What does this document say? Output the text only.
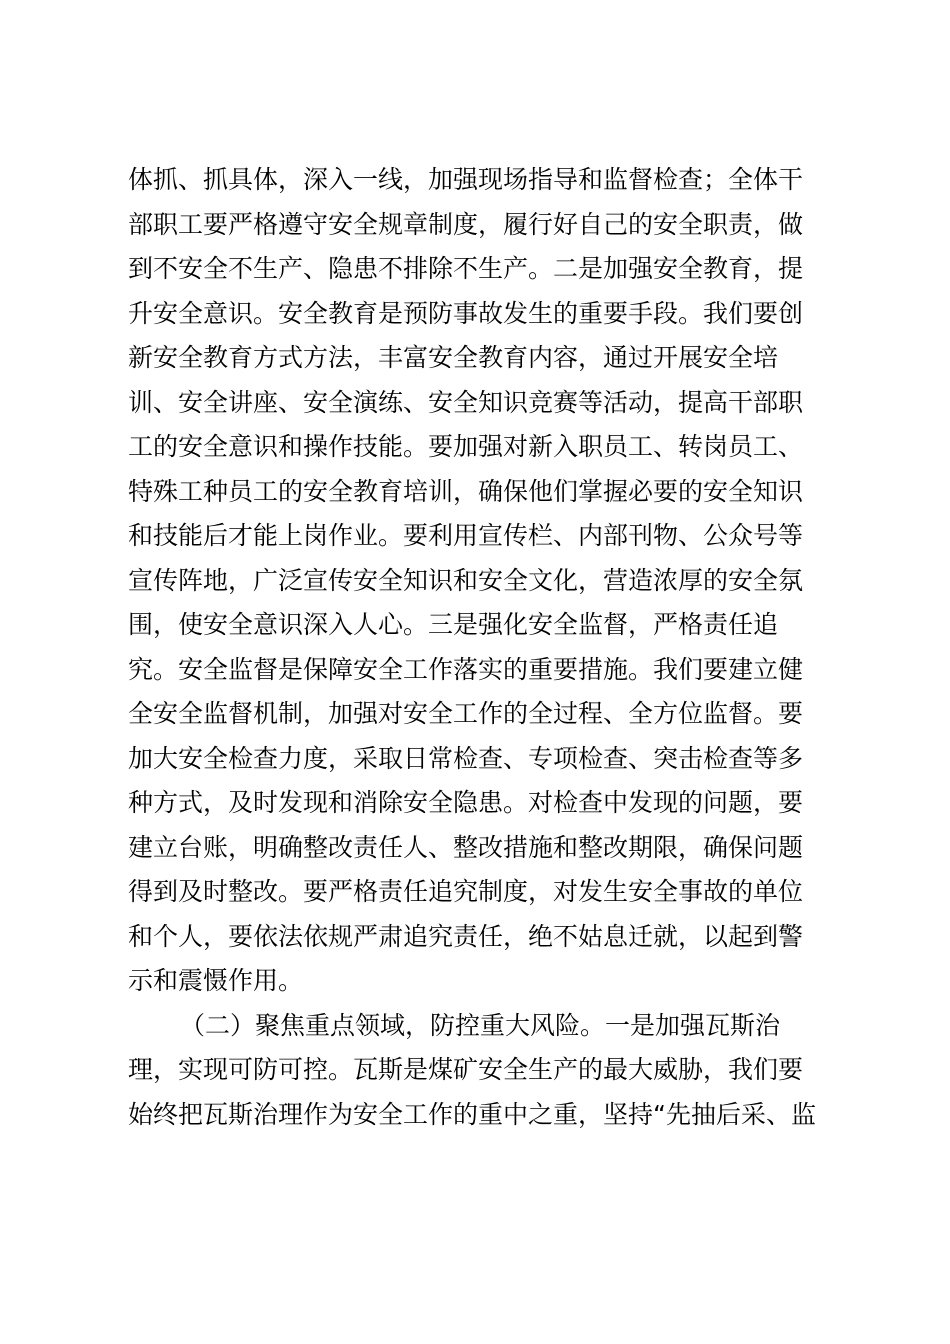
体抓、抓具体，深入一线，加强现场指导和监督检查；全体干
部职工要严格遵守安全规章制度，履行好自己的安全职责，做
到不安全不生产、隐患不排除不生产。二是加强安全教育，提
升安全意识。安全教育是预防事故发生的重要手段。我们要创
新安全教育方式方法，丰富安全教育内容，通过开展安全培
训、安全讲座、安全演练、安全知识竞赛等活动，提高干部职
工的安全意识和操作技能。要加强对新入职员工、转岗员工、
特殊工种员工的安全教育培训，确保他们掌握必要的安全知识
和技能后才能上岗作业。要利用宣传栏、内部刊物、公众号等
宣传阵地，广泛宣传安全知识和安全文化，营造浓厚的安全氛
围，使安全意识深入人心。三是强化安全监督，严格责任追
究。安全监督是保障安全工作落实的重要措施。我们要建立健
全安全监督机制，加强对安全工作的全过程、全方位监督。要
加大安全检查力度，采取日常检查、专项检查、突击检查等多
种方式，及时发现和消除安全隐患。对检查中发现的问题，要
建立台账，明确整改责任人、整改措施和整改期限，确保问题
得到及时整改。要严格责任追究制度，对发生安全事故的单位
和个人，要依法依规严肃追究责任，绝不姑息迁就，以起到警
示和震慑作用。
（二）聚焦重点领域，防控重大风险。一是加强瓦斯治
理，实现可防可控。瓦斯是煤矿安全生产的最大威胁，我们要
始终把瓦斯治理作为安全工作的重中之重，坚持“先抽后采、监
